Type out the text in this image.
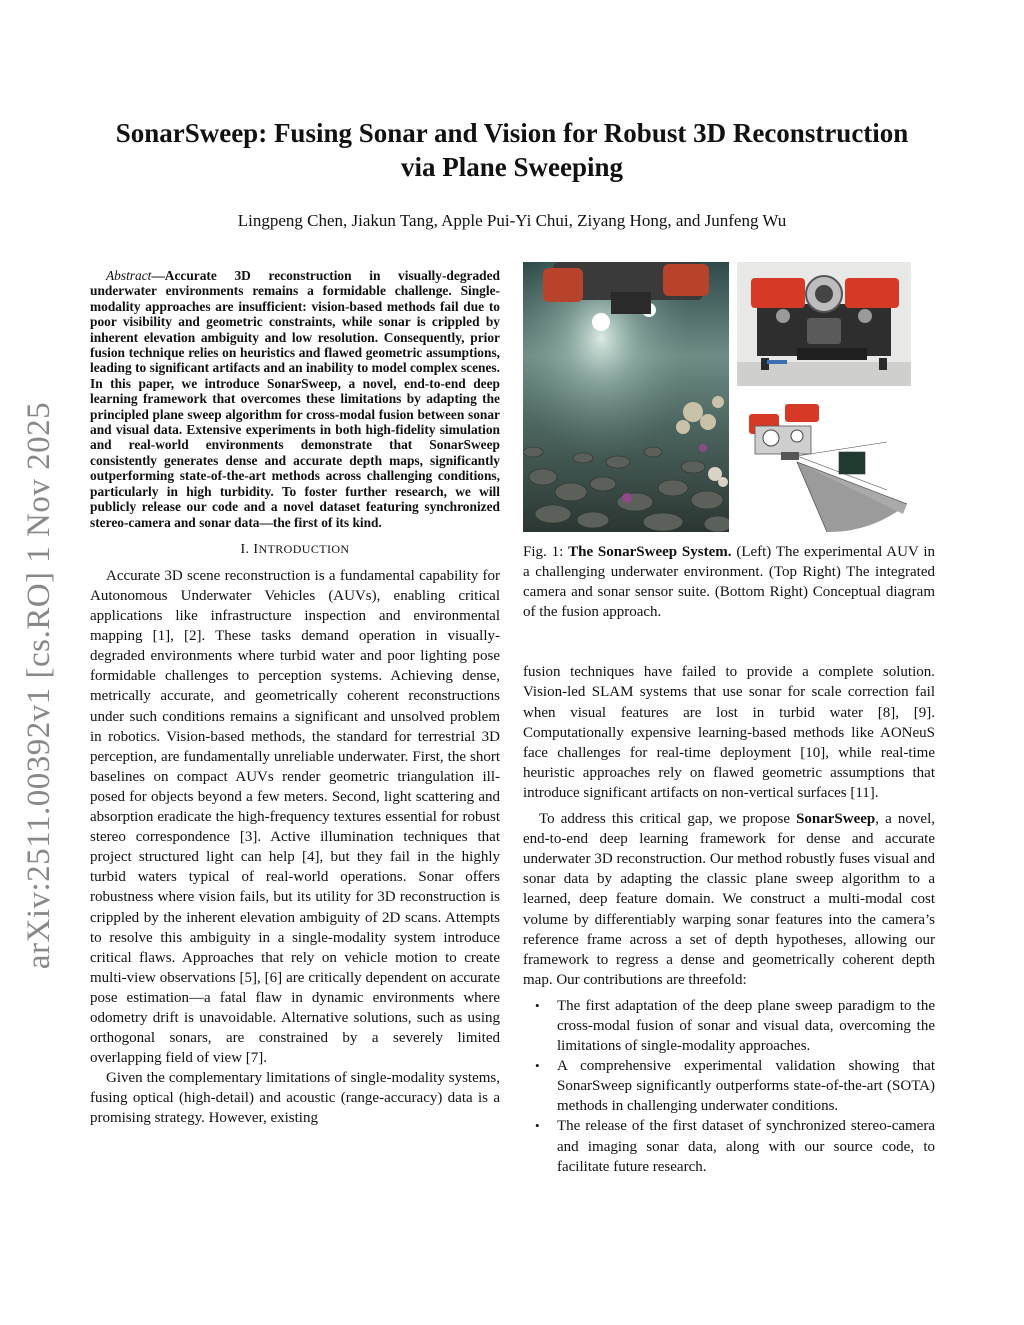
arXiv:2511.00392v1 [cs.RO] 1 Nov 2025
SonarSweep: Fusing Sonar and Vision for Robust 3D Reconstruction
via Plane Sweeping
Lingpeng Chen, Jiakun Tang, Apple Pui-Yi Chui, Ziyang Hong, and Junfeng Wu

Abstract—Accurate 3D reconstruction in visually-degraded underwater environments remains a formidable challenge. Single-modality approaches are insufficient: vision-based methods fail due to poor visibility and geometric constraints, while sonar is crippled by inherent elevation ambiguity and low resolution. Consequently, prior fusion technique relies on heuristics and flawed geometric assumptions, leading to significant artifacts and an inability to model complex scenes. In this paper, we introduce SonarSweep, a novel, end-to-end deep learning framework that overcomes these limitations by adapting the principled plane sweep algorithm for cross-modal fusion between sonar and visual data. Extensive experiments in both high-fidelity simulation and real-world environments demonstrate that SonarSweep consistently generates dense and accurate depth maps, significantly outperforming state-of-the-art methods across challenging conditions, particularly in high turbidity. To foster further research, we will publicly release our code and a novel dataset featuring synchronized stereo-camera and sonar data—the first of its kind.

I. INTRODUCTION

Accurate 3D scene reconstruction is a fundamental capability for Autonomous Underwater Vehicles (AUVs), enabling critical applications like infrastructure inspection and environmental mapping [1], [2]. These tasks demand operation in visually-degraded environments where turbid water and poor lighting pose formidable challenges to perception systems. Achieving dense, metrically accurate, and geometrically coherent reconstructions under such conditions remains a significant and unsolved problem in robotics. Vision-based methods, the standard for terrestrial 3D perception, are fundamentally unreliable underwater. First, the short baselines on compact AUVs render geometric triangulation ill-posed for objects beyond a few meters. Second, light scattering and absorption eradicate the high-frequency textures essential for robust stereo correspondence [3]. Active illumination techniques that project structured light can help [4], but they fail in the highly turbid waters typical of real-world operations. Sonar offers robustness where vision fails, but its utility for 3D reconstruction is crippled by the inherent elevation ambiguity of 2D scans. Attempts to resolve this ambiguity in a single-modality system introduce critical flaws. Approaches that rely on vehicle motion to create multi-view observations [5], [6] are critically dependent on accurate pose estimation—a fatal flaw in dynamic environments where odometry drift is unavoidable. Alternative solutions, such as using orthogonal sonars, are constrained by a severely limited overlapping field of view [7].

Given the complementary limitations of single-modality systems, fusing optical (high-detail) and acoustic (range-accuracy) data is a promising strategy. However, existing

Fig. 1: The SonarSweep System. (Left) The experimental AUV in a challenging underwater environment. (Top Right) The integrated camera and sonar sensor suite. (Bottom Right) Conceptual diagram of the fusion approach.

fusion techniques have failed to provide a complete solution. Vision-led SLAM systems that use sonar for scale correction fail when visual features are lost in turbid water [8], [9]. Computationally expensive learning-based methods like AONeuS face challenges for real-time deployment [10], while real-time heuristic approaches rely on flawed geometric assumptions that introduce significant artifacts on non-vertical surfaces [11].

To address this critical gap, we propose SonarSweep, a novel, end-to-end deep learning framework for dense and accurate underwater 3D reconstruction. Our method robustly fuses visual and sonar data by adapting the classic plane sweep algorithm to a learned, deep feature domain. We construct a multi-modal cost volume by differentiably warping sonar features into the camera’s reference frame across a set of depth hypotheses, allowing our framework to regress a dense and geometrically coherent depth map. Our contributions are threefold:

• The first adaptation of the deep plane sweep paradigm to the cross-modal fusion of sonar and visual data, overcoming the limitations of single-modality approaches.
• A comprehensive experimental validation showing that SonarSweep significantly outperforms state-of-the-art (SOTA) methods in challenging underwater conditions.
• The release of the first dataset of synchronized stereo-camera and imaging sonar data, along with our source code, to facilitate future research.
